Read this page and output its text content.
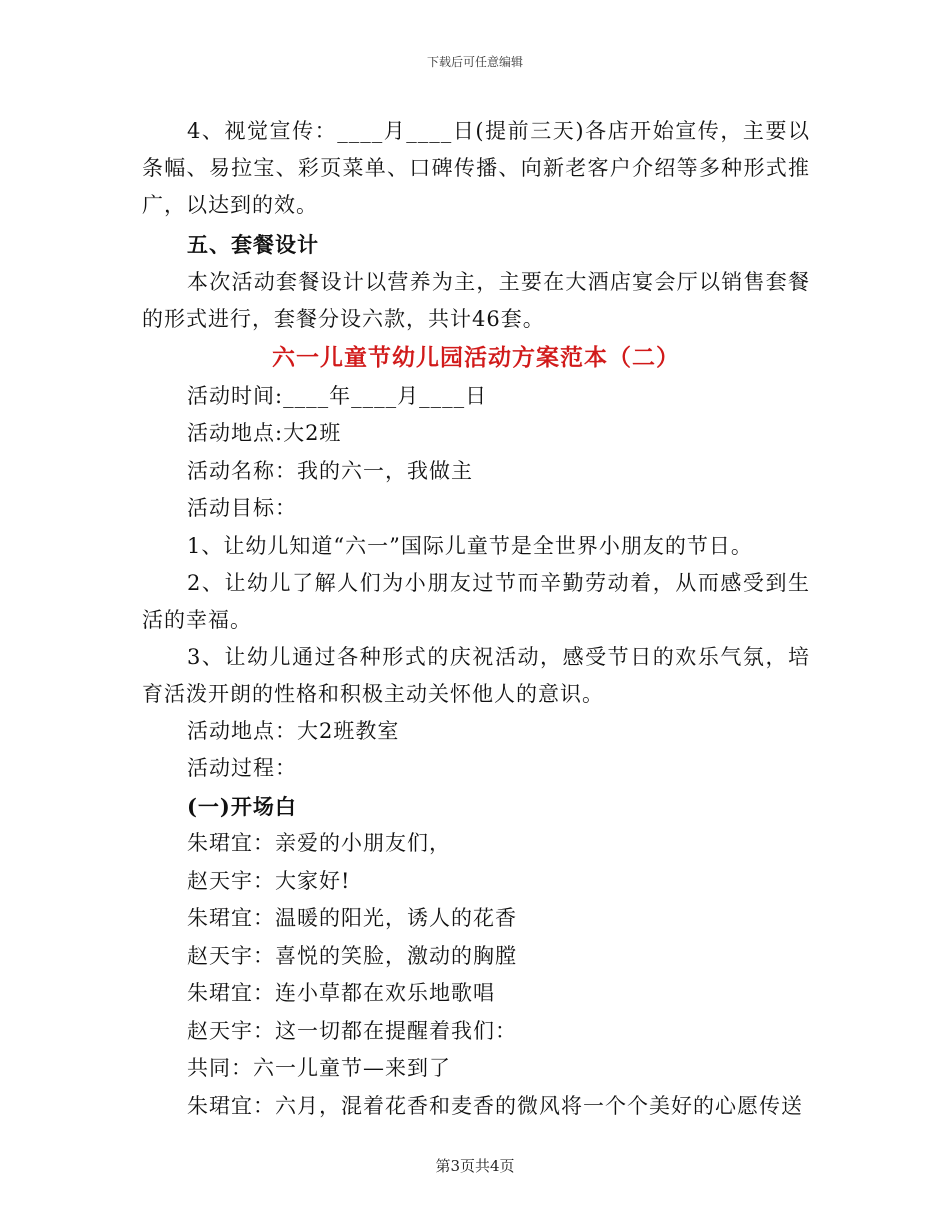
下载后可任意编辑

4、视觉宣传：____月____日(提前三天)各店开始宣传，主要以条幅、易拉宝、彩页菜单、口碑传播、向新老客户介绍等多种形式推广，以达到的效。

五、套餐设计

本次活动套餐设计以营养为主，主要在大酒店宴会厅以销售套餐的形式进行，套餐分设六款，共计46套。

六一儿童节幼儿园活动方案范本（二）

活动时间:____年____月____日

活动地点:大2班

活动名称：我的六一，我做主

活动目标：

1、让幼儿知道“六一”国际儿童节是全世界小朋友的节日。

2、让幼儿了解人们为小朋友过节而辛勤劳动着，从而感受到生活的幸福。

3、让幼儿通过各种形式的庆祝活动，感受节日的欢乐气氛，培育活泼开朗的性格和积极主动关怀他人的意识。

活动地点：大2班教室

活动过程：

(一)开场白

朱珺宜：亲爱的小朋友们，

赵天宇：大家好!

朱珺宜：温暖的阳光，诱人的花香

赵天宇：喜悦的笑脸，激动的胸膛

朱珺宜：连小草都在欢乐地歌唱

赵天宇：这一切都在提醒着我们：

共同：六一儿童节—来到了

朱珺宜：六月，混着花香和麦香的微风将一个个美好的心愿传送

第3页共4页
